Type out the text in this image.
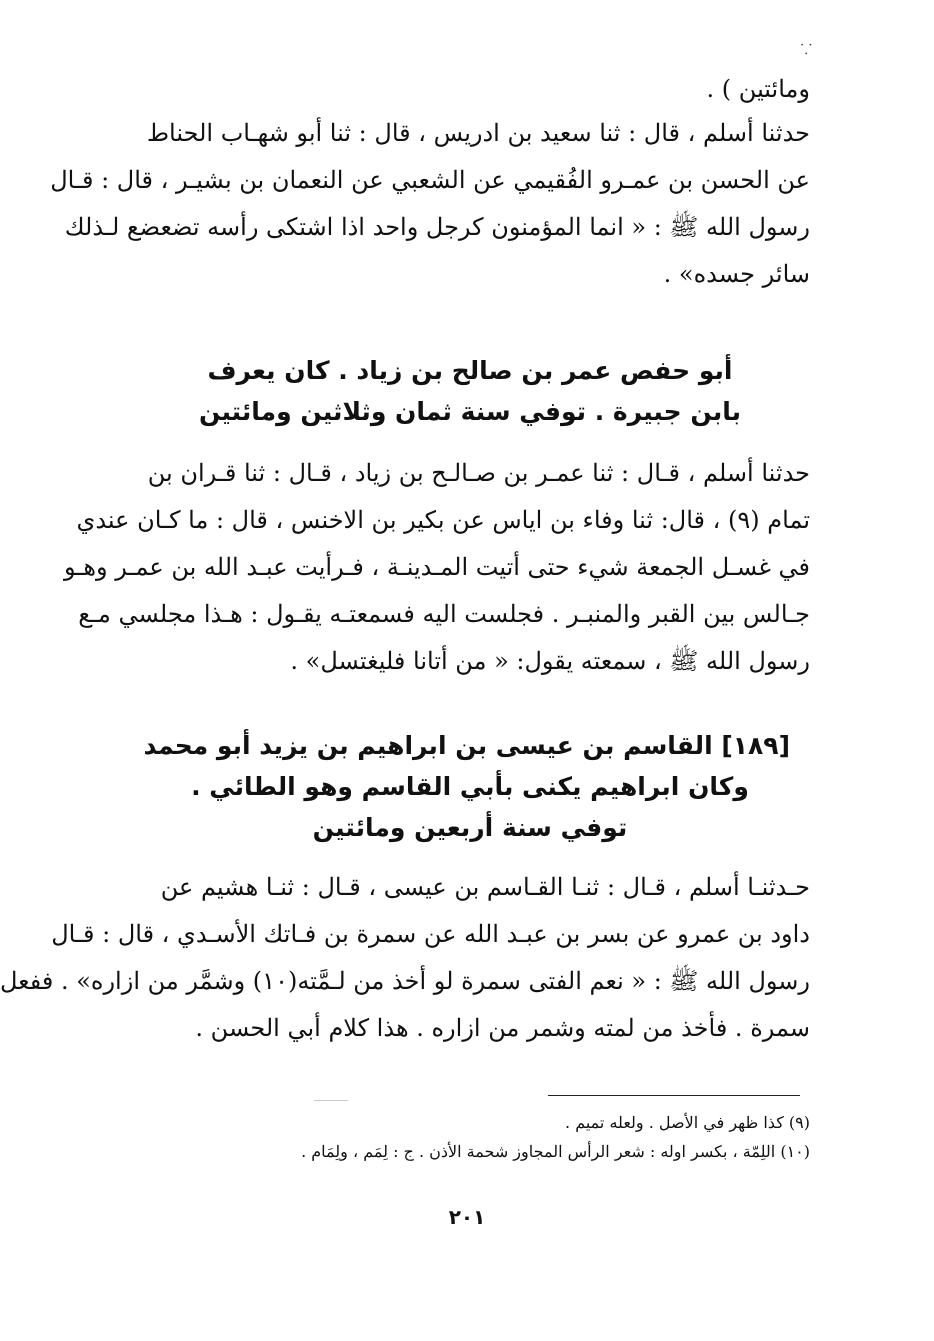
⸪

ومائتين ) .

حدثنا أسلم ، قال : ثنا سعيد بن ادريس ، قال : ثنا أبو شهـاب الحناط
عن الحسن بن عمـرو الفُقيمي عن الشعبي عن النعمان بن بشيـر ، قال : قـال
رسول الله ﷺ : « انما المؤمنون كرجل واحد اذا اشتكى رأسه تضعضع لـذلك
سائر جسده» .

أبو حفص عمر بن صالح بن زياد . كان يعرف
بابن جبيرة . توفي سنة ثمان وثلاثين ومائتين

حدثنا أسلم ، قـال : ثنا عمـر بن صـالـح بن زياد ، قـال : ثنا قـران بن
تمام (٩) ، قال: ثنا وفاء بن اياس عن بكير بن الاخنس ، قال : ما كـان عندي
في غسـل الجمعة شيء حتى أتيت المـدينـة ، فـرأيت عبـد الله بن عمـر وهـو
جـالس بين القبر والمنبـر . فجلست اليه فسمعتـه يقـول : هـذا مجلسي مـع
رسول الله ﷺ ، سمعته يقول: « من أتانا فليغتسل» .

[١٨٩] القاسم بن عيسى بن ابراهيم بن يزيد أبو محمد
وكان ابراهيم يكنى بأبي القاسم وهو الطائي .
توفي سنة أربعين ومائتين

حـدثنـا أسلم ، قـال : ثنـا القـاسم بن عيسى ، قـال : ثنـا هشيم عن
داود بن عمرو عن بسر بن عبـد الله عن سمرة بن فـاتك الأسـدي ، قال : قـال
رسول الله ﷺ : « نعم الفتى سمرة لو أخذ من لـمَّته(١٠) وشمَّر من ازاره» . ففعل
سمرة . فأخذ من لمته وشمر من ازاره . هذا كلام أبي الحسن .

(٩) كذا ظهر في الأصل . ولعله تميم .
(١٠) اللِمّة ، بكسر اوله : شعر الرأس المجاوز شحمة الأذن . ج : لِمَم ، ولِمَام .
٢٠١
